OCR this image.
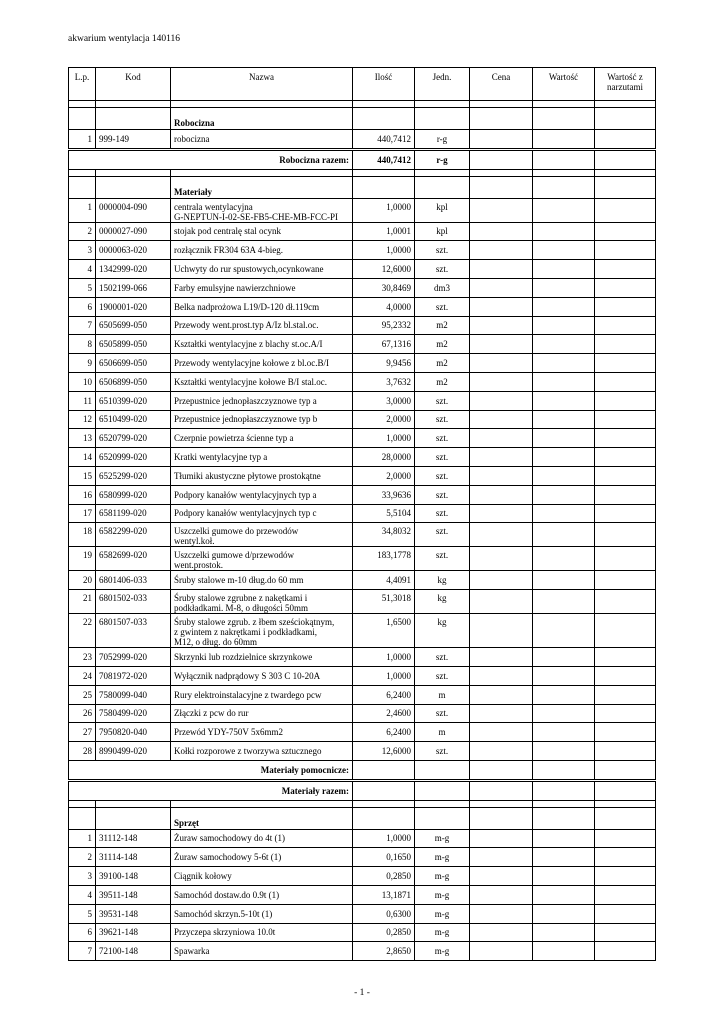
akwarium wentylacja 140116
L.p.	Kod	Nazwa	Ilość	Jedn.	Cena	Wartość	Wartość z narzutami

		Robocizna					
1	999-149	robocizna	440,7412	r-g			
Robocizna razem:			440,7412	r-g			

		Materiały					
1	0000004-090	centrala wentylacyjna
G-NEPTUN-I-02-SE-FB5-CHE-MB-FCC-PI	1,0000	kpl			
2	0000027-090	stojak pod centralę stal ocynk	1,0001	kpl			
3	0000063-020	rozłącznik FR304 63A 4-bieg.	1,0000	szt.			
4	1342999-020	Uchwyty do rur spustowych,ocynkowane	12,6000	szt.			
5	1502199-066	Farby emulsyjne nawierzchniowe	30,8469	dm3			
6	1900001-020	Belka nadprożowa L19/D-120 dł.119cm	4,0000	szt.			
7	6505699-050	Przewody went.prost.typ A/Iz bl.stal.oc.	95,2332	m2			
8	6505899-050	Kształtki wentylacyjne z blachy st.oc.A/I	67,1316	m2			
9	6506699-050	Przewody wentylacyjne kołowe z bl.oc.B/I	9,9456	m2			
10	6506899-050	Kształtki wentylacyjne kołowe B/I stal.oc.	3,7632	m2			
11	6510399-020	Przepustnice jednopłaszczyznowe typ a	3,0000	szt.			
12	6510499-020	Przepustnice jednopłaszczyznowe typ b	2,0000	szt.			
13	6520799-020	Czerpnie powietrza ścienne typ a	1,0000	szt.			
14	6520999-020	Kratki wentylacyjne typ a	28,0000	szt.			
15	6525299-020	Tłumiki akustyczne płytowe prostokątne	2,0000	szt.			
16	6580999-020	Podpory kanałów wentylacyjnych typ a	33,9636	szt.			
17	6581199-020	Podpory kanałów wentylacyjnych typ c	5,5104	szt.			
18	6582299-020	Uszczelki gumowe do przewodów
wentyl.koł.	34,8032	szt.			
19	6582699-020	Uszczelki gumowe d/przewodów
went.prostok.	183,1778	szt.			
20	6801406-033	Śruby stalowe m-10 dług.do 60 mm	4,4091	kg			
21	6801502-033	Śruby stalowe zgrubne z nakętkami i
podkładkami. M-8, o długości 50mm	51,3018	kg			
22	6801507-033	Śruby stalowe zgrub. z łbem sześciokątnym,
z gwintem z nakrętkami i podkładkami,
M12, o dług. do 60mm	1,6500	kg			
23	7052999-020	Skrzynki lub rozdzielnice skrzynkowe	1,0000	szt.			
24	7081972-020	Wyłącznik nadprądowy S 303 C 10-20A	1,0000	szt.			
25	7580099-040	Rury elektroinstalacyjne z twardego pcw	6,2400	m			
26	7580499-020	Złączki z pcw do rur	2,4600	szt.			
27	7950820-040	Przewód YDY-750V 5x6mm2	6,2400	m			
28	8990499-020	Kołki rozporowe z tworzywa sztucznego	12,6000	szt.			
Materiały pomocnicze:							
Materiały razem:							

		Sprzęt					
1	31112-148	Żuraw samochodowy do 4t (1)	1,0000	m-g			
2	31114-148	Żuraw samochodowy 5-6t (1)	0,1650	m-g			
3	39100-148	Ciągnik kołowy	0,2850	m-g			
4	39511-148	Samochód dostaw.do 0.9t (1)	13,1871	m-g			
5	39531-148	Samochód skrzyn.5-10t (1)	0,6300	m-g			
6	39621-148	Przyczepa skrzyniowa 10.0t	0,2850	m-g			
7	72100-148	Spawarka	2,8650	m-g			
- 1 -
